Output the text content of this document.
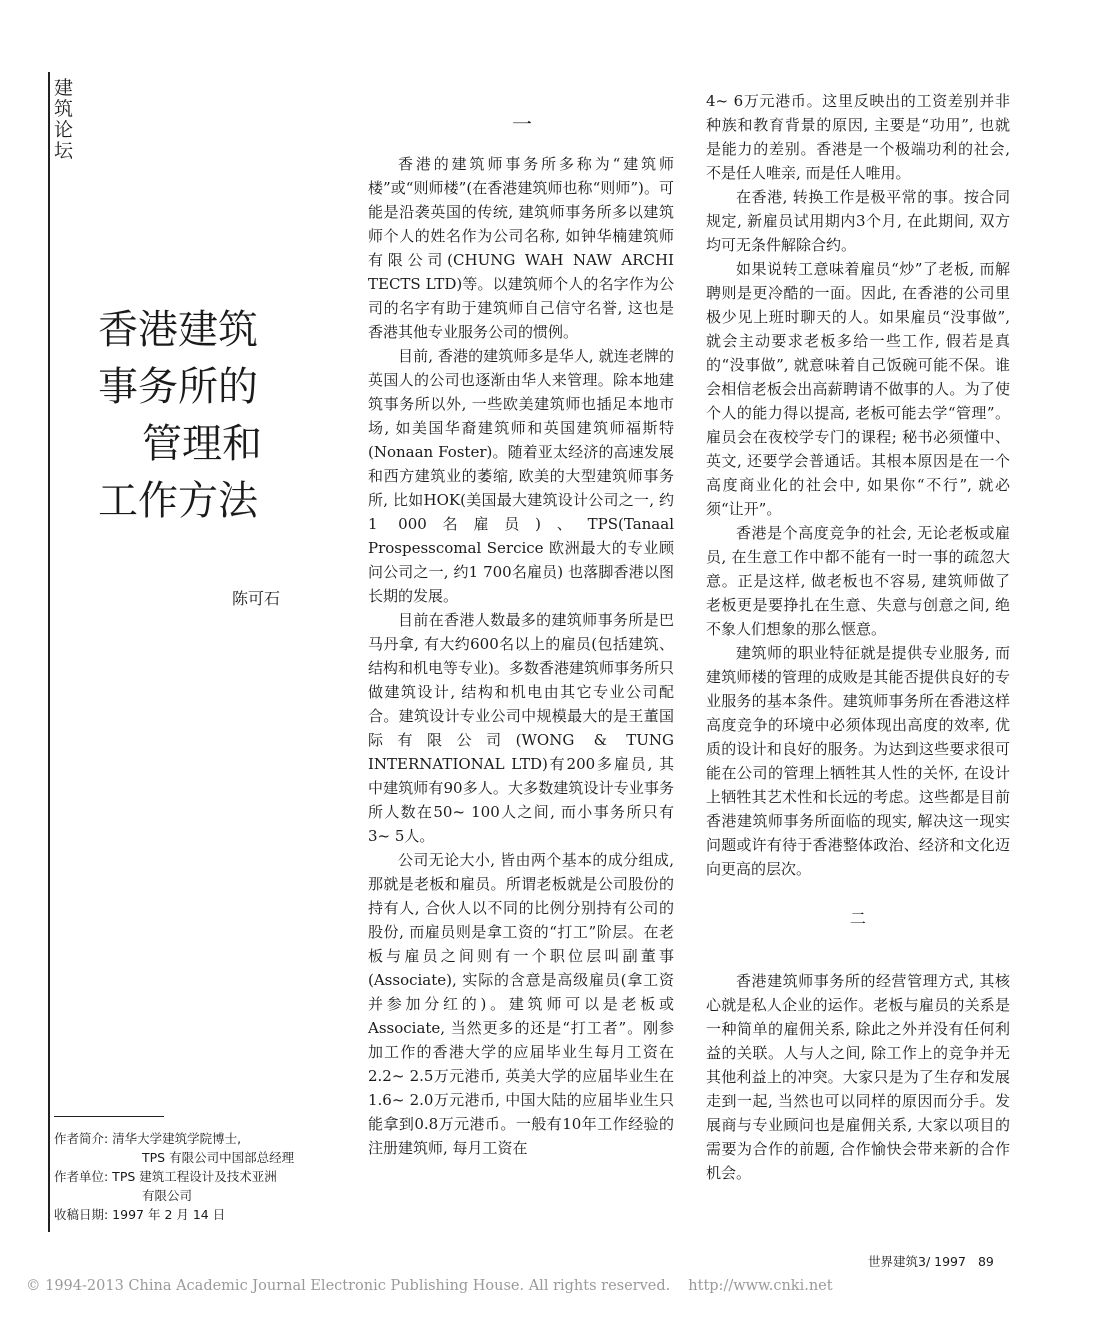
建筑论坛
香港建筑
事务所的
管理和
工作方法
陈可石
作者简介: 清华大学建筑学院博士,
TPS 有限公司中国部总经理
作者单位: TPS 建筑工程设计及技术亚洲
有限公司
收稿日期: 1997 年 2 月 14 日
一

香港的建筑师事务所多称为“建筑师楼”或“则师楼”(在香港建筑师也称“则师”)。可能是沿袭英国的传统, 建筑师事务所多以建筑师个人的姓名作为公司名称, 如钟华楠建筑师有限公司(CHUNG WAH NAW ARCHI TECTS LTD)等。以建筑师个人的名字作为公司的名字有助于建筑师自己信守名誉, 这也是香港其他专业服务公司的惯例。

目前, 香港的建筑师多是华人, 就连老牌的英国人的公司也逐渐由华人来管理。除本地建筑事务所以外, 一些欧美建筑师也插足本地市场, 如美国华裔建筑师和英国建筑师福斯特(Nonaan Foster)。随着亚太经济的高速发展和西方建筑业的萎缩, 欧美的大型建筑师事务所, 比如HOK(美国最大建筑设计公司之一, 约1 000名雇员)、TPS(Tanaal Prospesscomal Sercice 欧洲最大的专业顾问公司之一, 约1 700名雇员) 也落脚香港以图长期的发展。

目前在香港人数最多的建筑师事务所是巴马丹拿, 有大约600名以上的雇员(包括建筑、结构和机电等专业)。多数香港建筑师事务所只做建筑设计, 结构和机电由其它专业公司配合。建筑设计专业公司中规模最大的是王董国际有限公司(WONG & TUNG INTERNATIONAL LTD)有200多雇员, 其中建筑师有90多人。大多数建筑设计专业事务所人数在50~ 100人之间, 而小事务所只有3~ 5人。

公司无论大小, 皆由两个基本的成分组成, 那就是老板和雇员。所谓老板就是公司股份的持有人, 合伙人以不同的比例分别持有公司的股份, 而雇员则是拿工资的“打工”阶层。在老板与雇员之间则有一个职位层叫副董事(Associate), 实际的含意是高级雇员(拿工资并参加分红的)。建筑师可以是老板或Associate, 当然更多的还是“打工者”。刚参加工作的香港大学的应届毕业生每月工资在2.2~ 2.5万元港币, 英美大学的应届毕业生在1.6~ 2.0万元港币, 中国大陆的应届毕业生只能拿到0.8万元港币。一般有10年工作经验的注册建筑师, 每月工资在

4~ 6万元港币。这里反映出的工资差别并非种族和教育背景的原因, 主要是“功用”, 也就是能力的差别。香港是一个极端功利的社会, 不是任人唯亲, 而是任人唯用。

在香港, 转换工作是极平常的事。按合同规定, 新雇员试用期内3个月, 在此期间, 双方均可无条件解除合约。

如果说转工意味着雇员“炒”了老板, 而解聘则是更冷酷的一面。因此, 在香港的公司里极少见上班时聊天的人。如果雇员“没事做”, 就会主动要求老板多给一些工作, 假若是真的“没事做”, 就意味着自己饭碗可能不保。谁会相信老板会出高薪聘请不做事的人。为了使个人的能力得以提高, 老板可能去学“管理”。雇员会在夜校学专门的课程; 秘书必须懂中、英文, 还要学会普通话。其根本原因是在一个高度商业化的社会中, 如果你“不行”, 就必须“让开”。

香港是个高度竞争的社会, 无论老板或雇员, 在生意工作中都不能有一时一事的疏忽大意。正是这样, 做老板也不容易, 建筑师做了老板更是要挣扎在生意、失意与创意之间, 绝不象人们想象的那么惬意。

建筑师的职业特征就是提供专业服务, 而建筑师楼的管理的成败是其能否提供良好的专业服务的基本条件。建筑师事务所在香港这样高度竞争的环境中必须体现出高度的效率, 优质的设计和良好的服务。为达到这些要求很可能在公司的管理上牺牲其人性的关怀, 在设计上牺牲其艺术性和长远的考虑。这些都是目前香港建筑师事务所面临的现实, 解决这一现实问题或许有待于香港整体政治、经济和文化迈向更高的层次。

二

香港建筑师事务所的经营管理方式, 其核心就是私人企业的运作。老板与雇员的关系是一种简单的雇佣关系, 除此之外并没有任何利益的关联。人与人之间, 除工作上的竞争并无其他利益上的冲突。大家只是为了生存和发展走到一起, 当然也可以同样的原因而分手。发展商与专业顾问也是雇佣关系, 大家以项目的需要为合作的前题, 合作愉快会带来新的合作机会。

世界建筑3/ 1997 89
© 1994-2013 China Academic Journal Electronic Publishing House. All rights reserved. http://www.cnki.net
